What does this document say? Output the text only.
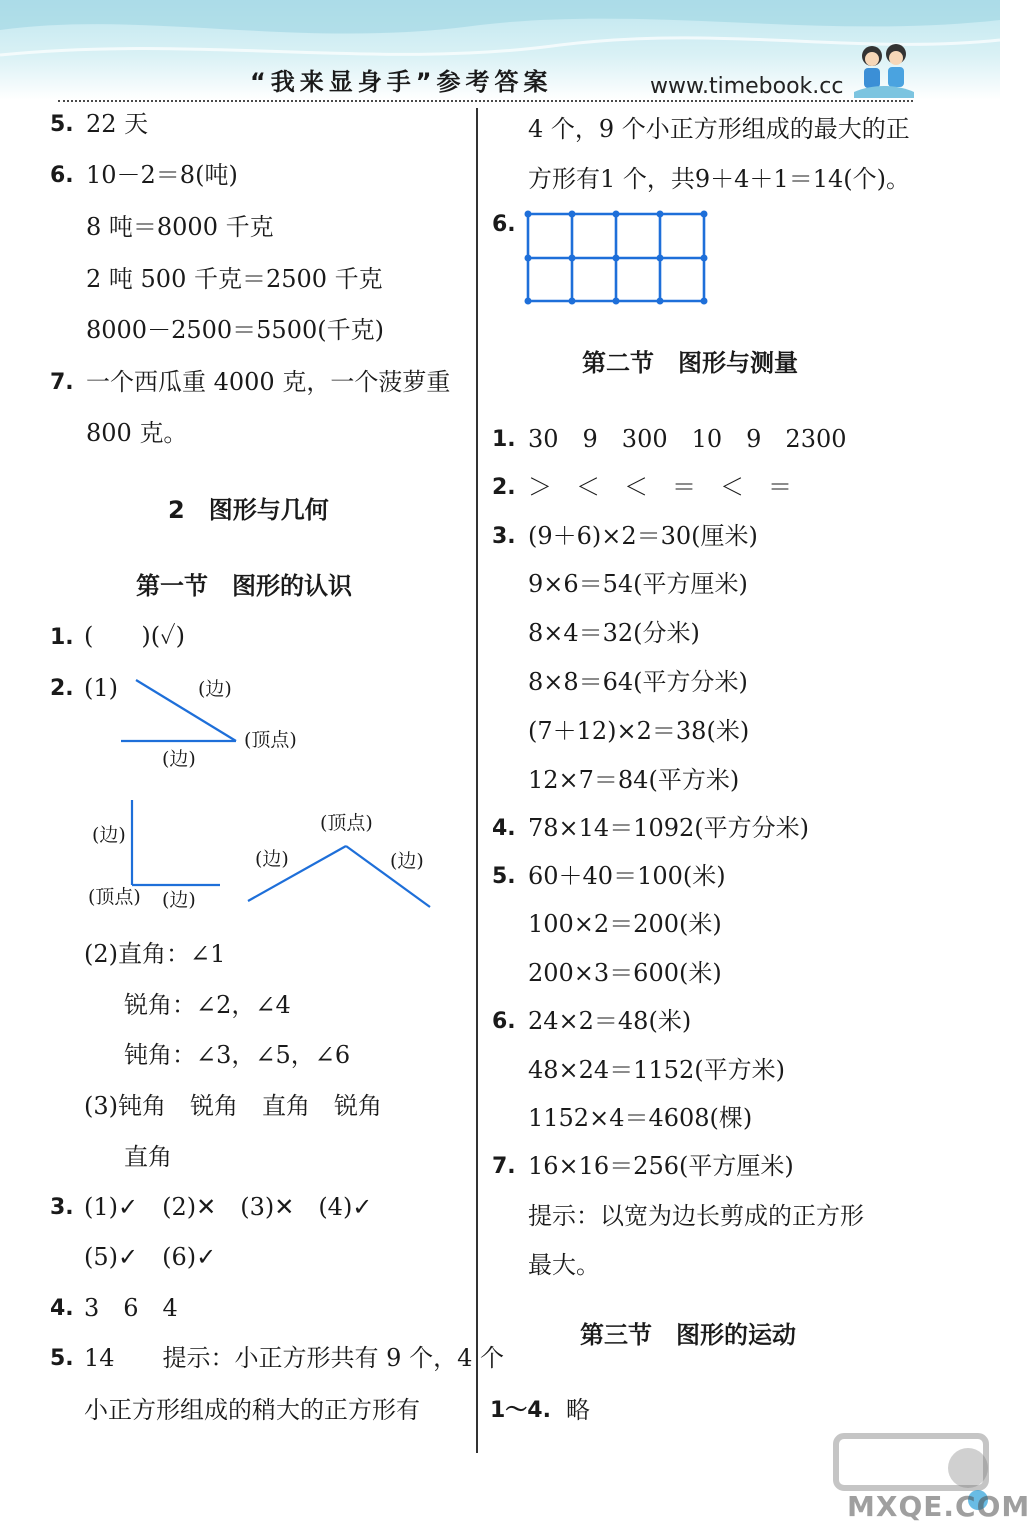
“我来显身手”参考答案	www.timebook.cc
5. 22 天
6. 10－2＝8(吨)
8 吨＝8000 千克
2 吨 500 千克＝2500 千克
8000－2500＝5500(千克)
7. 一个西瓜重 4000 克，一个菠萝重
800 克。
2　图形与几何
第一节　图形的认识
1. (　　)(✓)
2. (1)	(边)
(顶点)
(边)
(边)
(顶点) (边)
(顶点)
(边)	(边)
(2)直角：∠1
锐角：∠2，∠4
钝角：∠3，∠5，∠6
(3)钝角　锐角　直角　锐角
直角
3. (1)✓　(2)✕　(3)✕　(4)✓
(5)✓　(6)✓
4. 3　6　4
5. 14　　提示：小正方形共有 9 个，4 个
小正方形组成的稍大的正方形有
4 个，9 个小正方形组成的最大的正
方形有1 个，共9＋4＋1＝14(个)。
6.
第二节　图形与测量
1. 30　9　300　10　9　2300
2. ＞　＜　＜　＝　＜　＝
3. (9＋6)×2＝30(厘米)
9×6＝54(平方厘米)
8×4＝32(分米)
8×8＝64(平方分米)
(7＋12)×2＝38(米)
12×7＝84(平方米)
4. 78×14＝1092(平方分米)
5. 60＋40＝100(米)
100×2＝200(米)
200×3＝600(米)
6. 24×2＝48(米)
48×24＝1152(平方米)
1152×4＝4608(棵)
7. 16×16＝256(平方厘米)
提示：以宽为边长剪成的正方形
最大。
第三节　图形的运动
1～4. 略
MXQE.COM
